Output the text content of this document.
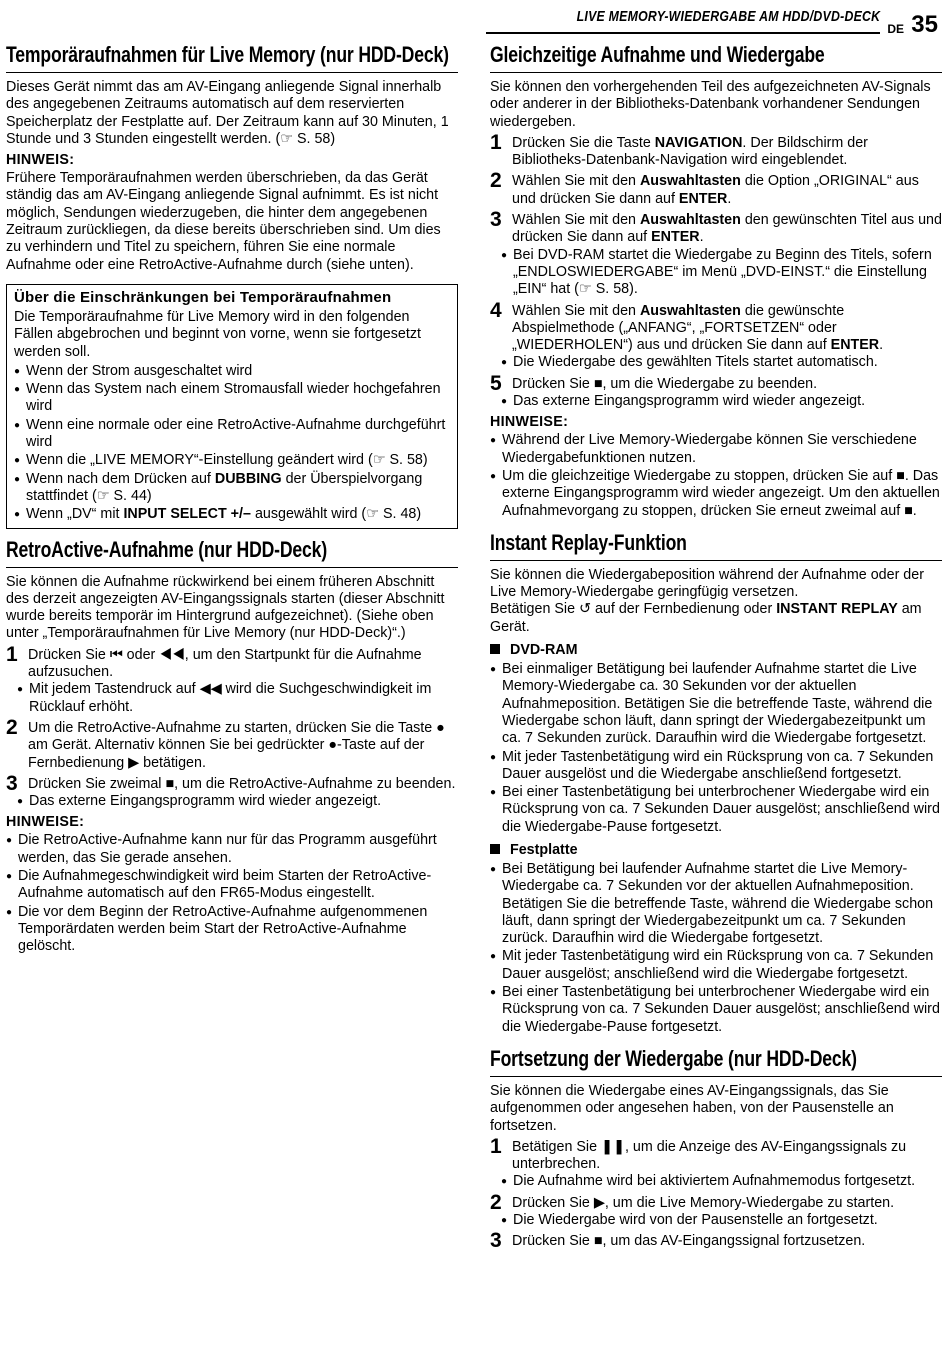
LIVE MEMORY-WIEDERGABE AM HDD/DVD-DECK
DE 35
Temporäraufnahmen für Live Memory (nur HDD-Deck)

Dieses Gerät nimmt das am AV-Eingang anliegende Signal innerhalb des angegebenen Zeitraums automatisch auf dem reservierten Speicherplatz der Festplatte auf. Der Zeitraum kann auf 30 Minuten, 1 Stunde und 3 Stunden eingestellt werden. (☞ S. 58)

HINWEIS:

Frühere Temporäraufnahmen werden überschrieben, da das Gerät ständig das am AV-Eingang anliegende Signal aufnimmt. Es ist nicht möglich, Sendungen wiederzugeben, die hinter dem angegebenen Zeitraum zurückliegen, da diese bereits überschrieben sind. Um dies zu verhindern und Titel zu speichern, führen Sie eine normale Aufnahme oder eine RetroActive-Aufnahme durch (siehe unten).

Über die Einschränkungen bei Temporäraufnahmen

Die Temporäraufnahme für Live Memory wird in den folgenden Fällen abgebrochen und beginnt von vorne, wenn sie fortgesetzt werden soll.

● Wenn der Strom ausgeschaltet wird
● Wenn das System nach einem Stromausfall wieder hochgefahren wird
● Wenn eine normale oder eine RetroActive-Aufnahme durchgeführt wird
● Wenn die „LIVE MEMORY“-Einstellung geändert wird (☞ S. 58)
● Wenn nach dem Drücken auf DUBBING der Überspielvorgang stattfindet (☞ S. 44)
● Wenn „DV“ mit INPUT SELECT +/– ausgewählt wird (☞ S. 48)
RetroActive-Aufnahme (nur HDD-Deck)

Sie können die Aufnahme rückwirkend bei einem früheren Abschnitt des derzeit angezeigten AV-Eingangssignals starten (dieser Abschnitt wurde bereits temporär im Hintergrund aufgezeichnet). (Siehe oben unter „Temporäraufnahmen für Live Memory (nur HDD-Deck)“.)

1 Drücken Sie ⏮ oder ◀◀, um den Startpunkt für die Aufnahme aufzusuchen.
● Mit jedem Tastendruck auf ◀◀ wird die Suchgeschwindigkeit im Rücklauf erhöht.
2 Um die RetroActive-Aufnahme zu starten, drücken Sie die Taste ● am Gerät. Alternativ können Sie bei gedrückter ●-Taste auf der Fernbedienung ▶ betätigen.
3 Drücken Sie zweimal ■, um die RetroActive-Aufnahme zu beenden.
● Das externe Eingangsprogramm wird wieder angezeigt.
HINWEISE:
● Die RetroActive-Aufnahme kann nur für das Programm ausgeführt werden, das Sie gerade ansehen.
● Die Aufnahmegeschwindigkeit wird beim Starten der RetroActive-Aufnahme automatisch auf den FR65-Modus eingestellt.
● Die vor dem Beginn der RetroActive-Aufnahme aufgenommenen Temporärdaten werden beim Start der RetroActive-Aufnahme gelöscht.
Gleichzeitige Aufnahme und Wiedergabe

Sie können den vorhergehenden Teil des aufgezeichneten AV-Signals oder anderer in der Bibliotheks-Datenbank vorhandener Sendungen wiedergeben.

1 Drücken Sie die Taste NAVIGATION. Der Bildschirm der Bibliotheks-Datenbank-Navigation wird eingeblendet.
2 Wählen Sie mit den Auswahltasten die Option „ORIGINAL“ aus und drücken Sie dann auf ENTER.
3 Wählen Sie mit den Auswahltasten den gewünschten Titel aus und drücken Sie dann auf ENTER.
● Bei DVD-RAM startet die Wiedergabe zu Beginn des Titels, sofern „ENDLOSWIEDERGABE“ im Menü „DVD-EINST.“ die Einstellung „EIN“ hat (☞ S. 58).
4 Wählen Sie mit den Auswahltasten die gewünschte Abspielmethode („ANFANG“, „FORTSETZEN“ oder „WIEDERHOLEN“) aus und drücken Sie dann auf ENTER.
● Die Wiedergabe des gewählten Titels startet automatisch.
5 Drücken Sie ■, um die Wiedergabe zu beenden.
● Das externe Eingangsprogramm wird wieder angezeigt.
HINWEISE:
● Während der Live Memory-Wiedergabe können Sie verschiedene Wiedergabefunktionen nutzen.
● Um die gleichzeitige Wiedergabe zu stoppen, drücken Sie auf ■. Das externe Eingangsprogramm wird wieder angezeigt. Um den aktuellen Aufnahmevorgang zu stoppen, drücken Sie erneut zweimal auf ■.
Instant Replay-Funktion

Sie können die Wiedergabeposition während der Aufnahme oder der Live Memory-Wiedergabe geringfügig versetzen.

Betätigen Sie ↺ auf der Fernbedienung oder INSTANT REPLAY am Gerät.

DVD-RAM
● Bei einmaliger Betätigung bei laufender Aufnahme startet die Live Memory-Wiedergabe ca. 30 Sekunden vor der aktuellen Aufnahmeposition. Betätigen Sie die betreffende Taste, während die Wiedergabe schon läuft, dann springt der Wiedergabezeitpunkt um ca. 7 Sekunden zurück. Daraufhin wird die Wiedergabe fortgesetzt.
● Mit jeder Tastenbetätigung wird ein Rücksprung von ca. 7 Sekunden Dauer ausgelöst und die Wiedergabe anschließend fortgesetzt.
● Bei einer Tastenbetätigung bei unterbrochener Wiedergabe wird ein Rücksprung von ca. 7 Sekunden Dauer ausgelöst; anschließend wird die Wiedergabe-Pause fortgesetzt.
Festplatte
● Bei Betätigung bei laufender Aufnahme startet die Live Memory-Wiedergabe ca. 7 Sekunden vor der aktuellen Aufnahmeposition. Betätigen Sie die betreffende Taste, während die Wiedergabe schon läuft, dann springt der Wiedergabezeitpunkt um ca. 7 Sekunden zurück. Daraufhin wird die Wiedergabe fortgesetzt.
● Mit jeder Tastenbetätigung wird ein Rücksprung von ca. 7 Sekunden Dauer ausgelöst; anschließend wird die Wiedergabe fortgesetzt.
● Bei einer Tastenbetätigung bei unterbrochener Wiedergabe wird ein Rücksprung von ca. 7 Sekunden Dauer ausgelöst; anschließend wird die Wiedergabe-Pause fortgesetzt.
Fortsetzung der Wiedergabe (nur HDD-Deck)

Sie können die Wiedergabe eines AV-Eingangssignals, das Sie aufgenommen oder angesehen haben, von der Pausenstelle an fortsetzen.

1 Betätigen Sie ❚❚, um die Anzeige des AV-Eingangssignals zu unterbrechen.
● Die Aufnahme wird bei aktiviertem Aufnahmemodus fortgesetzt.
2 Drücken Sie ▶, um die Live Memory-Wiedergabe zu starten.
● Die Wiedergabe wird von der Pausenstelle an fortgesetzt.
3 Drücken Sie ■, um das AV-Eingangssignal fortzusetzen.
